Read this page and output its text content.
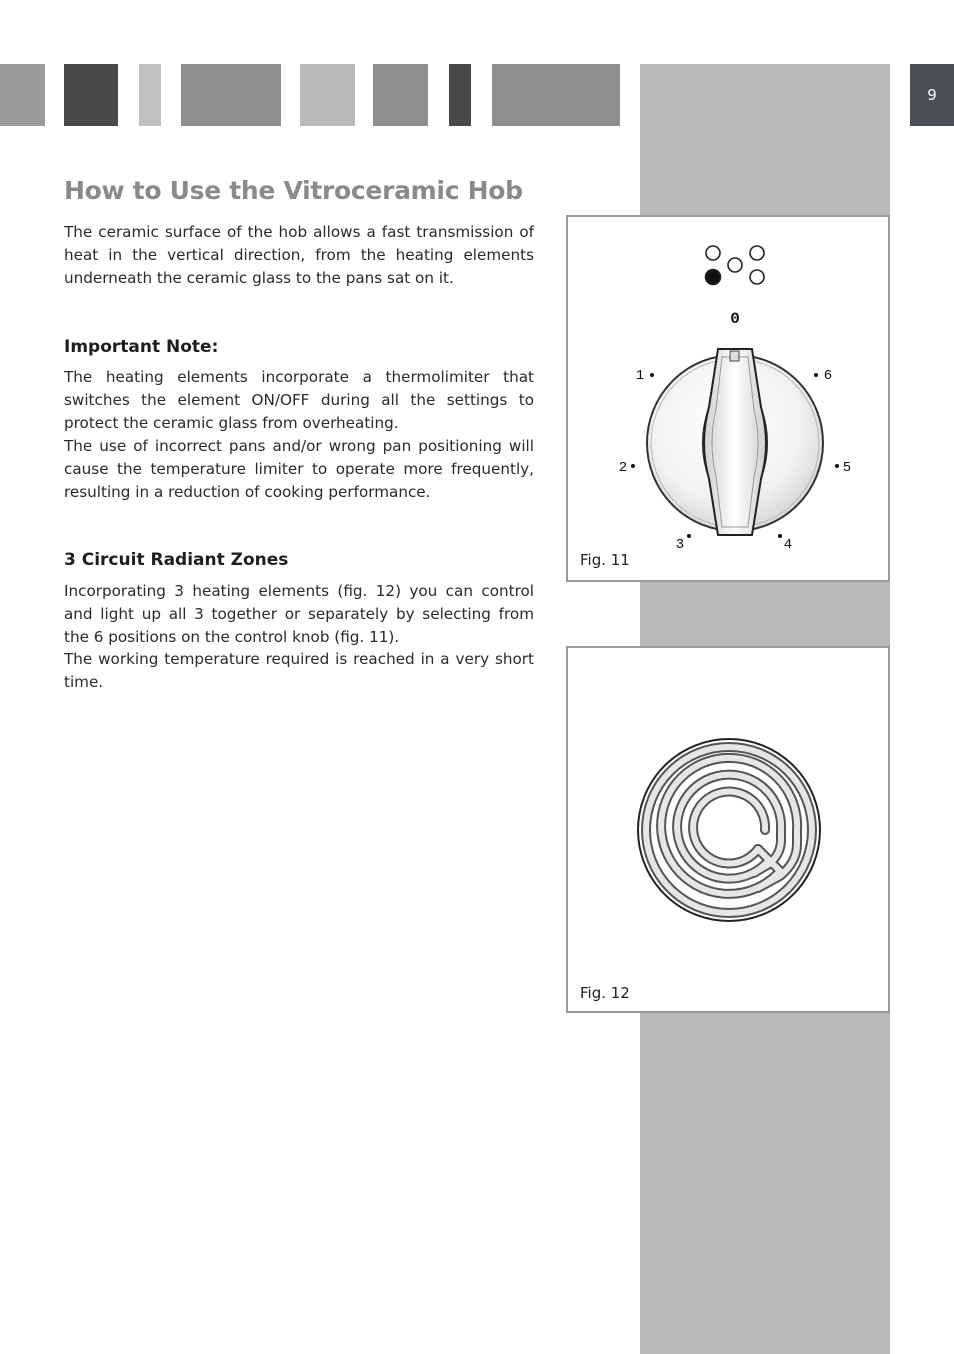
9
How to Use the Vitroceramic Hob

The ceramic surface of the hob allows a fast transmission of heat in the vertical direction, from the heating elements underneath the ceramic glass to the pans sat on it.

Important Note:

The heating elements incorporate a thermolimiter that switches the element ON/OFF during all the settings to protect the ceramic glass from overheating.

The use of incorrect pans and/or wrong pan positioning will cause the temperature limiter to operate more frequently, resulting in a reduction of cooking performance.

3 Circuit Radiant Zones

Incorporating 3 heating elements (fig. 12) you can control and light up all 3 together or separately by selecting from the 6 positions on the control knob (fig. 11).

The working temperature required is reached in a very short time.

0
1	6
2	5
3	4
Fig. 11
Fig. 12
